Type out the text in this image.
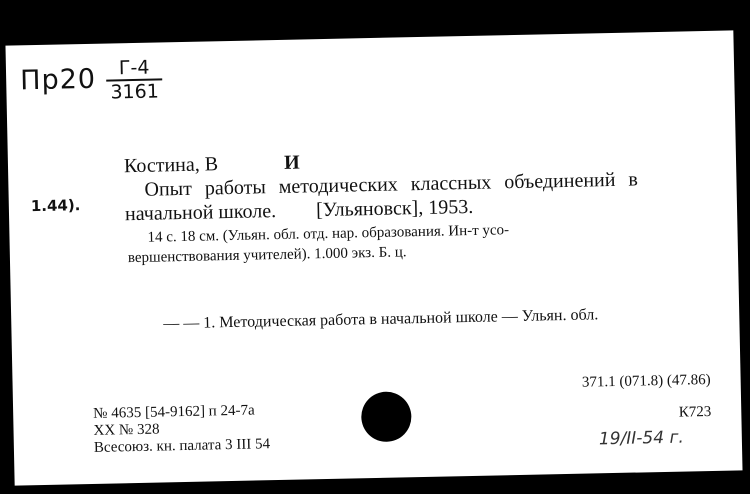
Пр20	Г-4
3161
1.44).
Костина, В	И
Опыт работы методических классных объединений в
начальной школе. [Ульяновск], 1953.
14 с. 18 см. (Ульян. обл. отд. нар. образования. Ин-т усо-
вершенствования учителей). 1.000 экз. Б. ц.
— — 1. Методическая работа в начальной школе — Ульян. обл.
№ 4635 [54-9162] п 24-7а
XX № 328
Всесоюз. кн. палата 3 III 54
371.1 (071.8) (47.86)
К723
19/II-54 г.
